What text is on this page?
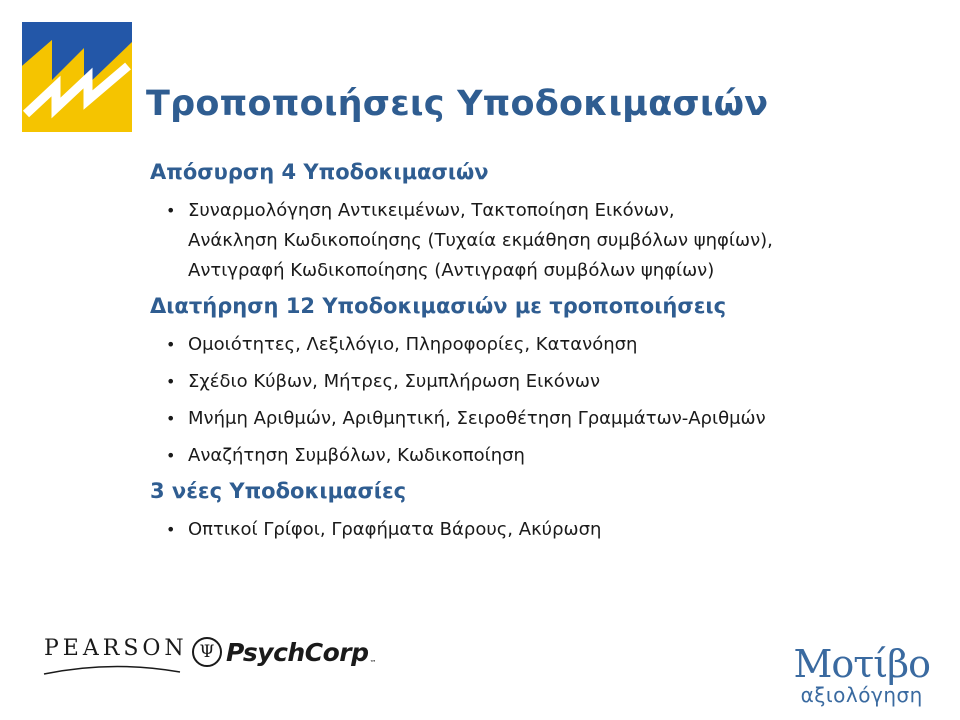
Τροποποιήσεις Υποδοκιμασιών
Απόσυρση 4 Υποδοκιμασιών
• Συναρμολόγηση Αντικειμένων, Τακτοποίηση Εικόνων,
Ανάκληση Κωδικοποίησης (Τυχαία εκμάθηση συμβόλων ψηφίων),
Αντιγραφή Κωδικοποίησης (Αντιγραφή συμβόλων ψηφίων)
Διατήρηση 12 Υποδοκιμασιών με τροποποιήσεις
• Ομοιότητες, Λεξιλόγιο, Πληροφορίες, Κατανόηση
• Σχέδιο Κύβων, Μήτρες, Συμπλήρωση Εικόνων
• Μνήμη Αριθμών, Αριθμητική, Σειροθέτηση Γραμμάτων-Αριθμών
• Αναζήτηση Συμβόλων, Κωδικοποίηση
3 νέες Υποδοκιμασίες
• Οπτικοί Γρίφοι, Γραφήματα Βάρους, Ακύρωση
PEARSON Ψ PsychCorp ™	Μοτίβο
αξιολόγηση
